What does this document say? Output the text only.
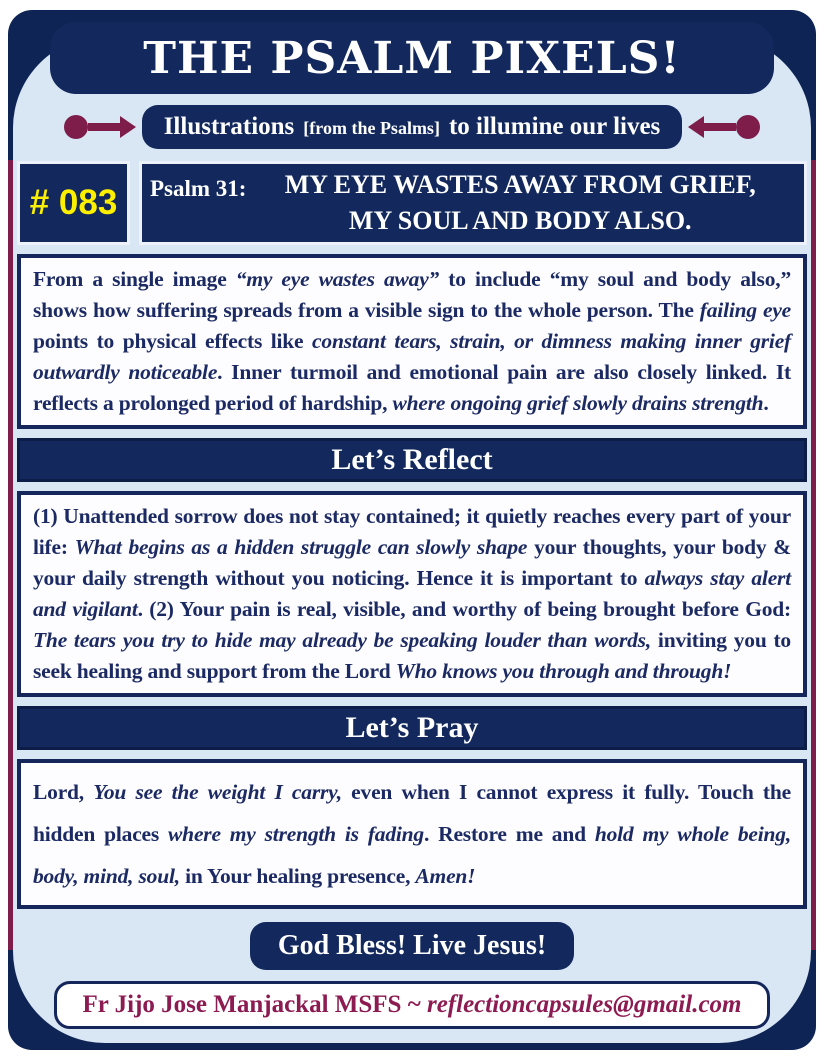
THE PSALM PIXELS!
Illustrations [from the Psalms] to illumine our lives
# 083 Psalm 31: MY EYE WASTES AWAY FROM GRIEF,
MY SOUL AND BODY ALSO.
From a single image “my eye wastes away” to include “my soul and body also,” shows how suffering spreads from a visible sign to the whole person. The failing eye points to physical effects like constant tears, strain, or dimness making inner grief outwardly noticeable. Inner turmoil and emotional pain are also closely linked. It reflects a prolonged period of hardship, where ongoing grief slowly drains strength.
Let’s Reflect
(1) Unattended sorrow does not stay contained; it quietly reaches every part of your life: What begins as a hidden struggle can slowly shape your thoughts, your body & your daily strength without you noticing. Hence it is important to always stay alert and vigilant. (2) Your pain is real, visible, and worthy of being brought before God: The tears you try to hide may already be speaking louder than words, inviting you to seek healing and support from the Lord Who knows you through and through!
Let’s Pray
Lord, You see the weight I carry, even when I cannot express it fully. Touch the hidden places where my strength is fading. Restore me and hold my whole being, body, mind, soul, in Your healing presence, Amen!
God Bless! Live Jesus!
Fr Jijo Jose Manjackal MSFS ~ reflectioncapsules@gmail.com
